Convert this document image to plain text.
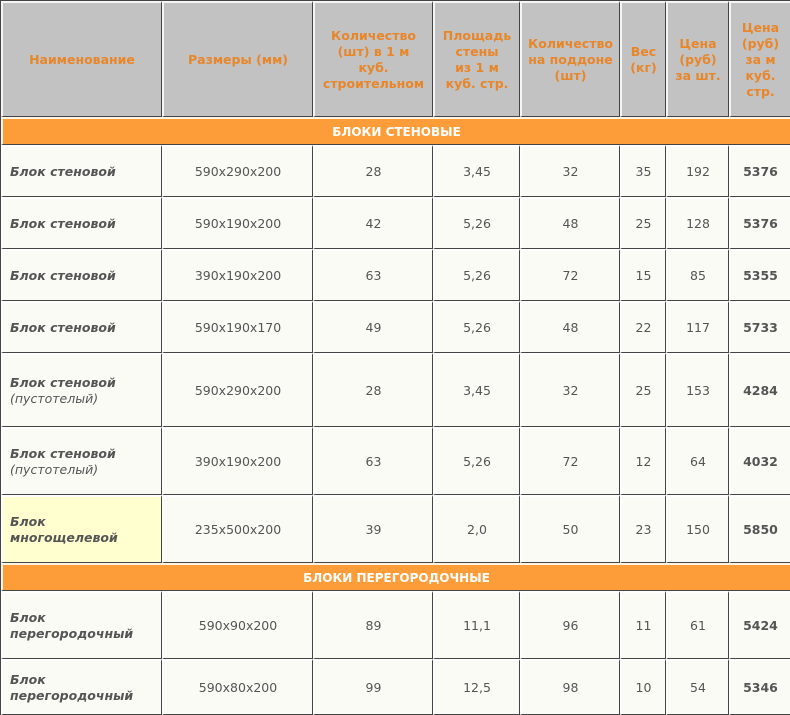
Наименование	Размеры (мм)	Количество
(шт) в 1 м
куб.
строительном	Площадь
стены
из 1 м
куб. стр.	Количество
на поддоне
(шт)	Вес
(кг)	Цена
(руб)
за шт.	Цена
(руб)
за м
куб.
стр.
БЛОКИ СТЕНОВЫЕ							
Блок стеновой	590x290x200	28	3,45	32	35	192	5376
Блок стеновой	590x190x200	42	5,26	48	25	128	5376
Блок стеновой	390x190x200	63	5,26	72	15	85	5355
Блок стеновой	590x190x170	49	5,26	48	22	117	5733
Блок стеновой
(пустотелый)	590x290x200	28	3,45	32	25	153	4284
Блок стеновой
(пустотелый)	390x190x200	63	5,26	72	12	64	4032
Блок
многощелевой	235x500x200	39	2,0	50	23	150	5850
БЛОКИ ПЕРЕГОРОДОЧНЫЕ							
Блок
перегородочный	590x90x200	89	11,1	96	11	61	5424
Блок
перегородочный	590x80x200	99	12,5	98	10	54	5346
